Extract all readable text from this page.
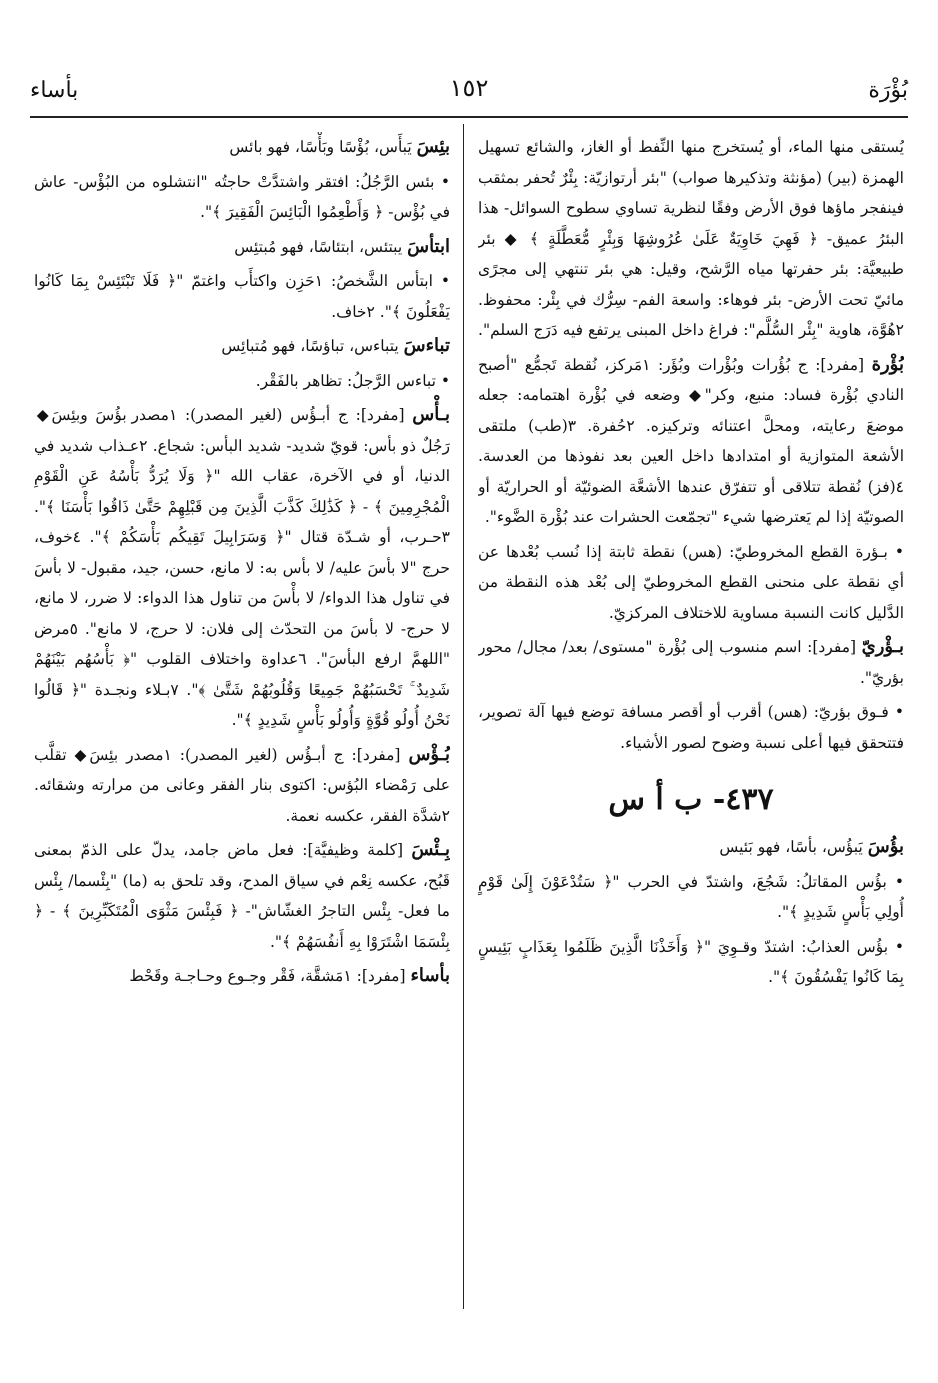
بُؤْرَة
١٥٢
بأساء
يُستقى منها الماء، أو يُستخرج منها النِّفط أو الغاز، والشائع تسهيل الهمزة (بير) (مؤنثة وتذكيرها صواب) "بئر أرتوازيّة: بِئْرٌ تُحفر بمثقب فينفجر ماؤها فوق الأرض وفقًا لنظرية تساوي سطوح السوائل- هذا البئرُ عميق- ﴿ فَهِيَ خَاوِيَةٌ عَلَىٰ عُرُوشِهَا وَبِئْرٍ مُّعَطَّلَةٍ ﴾ ◆ بئر طبيعيَّة: بئر حفرتها مياه الرَّشح، وقيل: هي بئر تنتهي إلى مجرًى مائيّ تحت الأرض- بئر فوهاء: واسعة الفم- سِرُّك في بِئْر: محفوظ. ٢هُوَّة، هاوية "بِئْر السُّلَّم": فراغ داخل المبنى يرتفع فيه دَرَج السلم".
بُؤْرة [مفرد]: ج بُؤُرات وبُؤْرات وبُؤَر: ١مَركز، نُقطة تَجمُّع "أصبح النادي بُؤْرة فساد: منبع، وكر"◆ وضعه في بُؤْرة اهتمامه: جعله موضعَ رعايته، ومحلَّ اعتنائه وتركيزه. ٢حُفرة. ٣(طب) ملتقى الأشعة المتوازية أو امتدادها داخل العين بعد نفوذها من العدسة. ٤(فز) نُقطة تتلاقى أو تتفرّق عندها الأشعَّة الضوئيّة أو الحراريّة أو الصوتيّة إذا لم يَعترضها شيء "تجمّعت الحشرات عند بُؤْرة الضَّوء".
• بـؤرة القطع المخروطيّ: (هس) نقطة ثابتة إذا نُسب بُعْدها عن أي نقطة على منحنى القطع المخروطيّ إلى بُعْد هذه النقطة من الدَّليل كانت النسبة مساوية للاختلاف المركزيّ.
بـؤْريّ [مفرد]: اسم منسوب إلى بُؤْرة "مستوى/ بعد/ مجال/ محور بؤريّ".
• فـوق بؤريّ: (هس) أقرب أو أقصر مسافة توضع فيها آلة تصوير، فتتحقق فيها أعلى نسبة وضوح لصور الأشياء.
٤٣٧- ب أ س
بؤُسَ يَبؤُس، بأسًا، فهو بَئيس
• بؤُس المقاتلُ: شَجُعَ، واشتدّ في الحرب "﴿ سَتُدْعَوْنَ إِلَىٰ قَوْمٍ أُولِي بَأْسٍ شَدِيدٍ ﴾".
• بؤُس العذابُ: اشتدّ وقـوِيَ "﴿ وَأَخَذْنَا الَّذِينَ ظَلَمُوا بِعَذَابٍ بَئِيسٍ بِمَا كَانُوا يَفْسُقُونَ ﴾".
بئِسَ يَبأَس، بُؤْسًا وبَأْسًا، فهو بائس
• بئس الرَّجُلُ: افتقر واشتدَّتْ حاجتُه "انتشلوه من البُؤْس- عاش في بُؤْس- ﴿ وَأَطْعِمُوا الْبَائِسَ الْفَقِيرَ ﴾".
ابتأسَ يبتئس، ابتئاسًا، فهو مُبتئِس
• ابتأس الشَّخصُ: ١حَزِن واكتأَب واغتمّ "﴿ فَلَا تَبْتَئِسْ بِمَا كَانُوا يَفْعَلُونَ ﴾". ٢خاف.
تباءسَ يتباءس، تباؤسًا، فهو مُتبائِس
• تباءس الرَّجلُ: تظاهر بالفَقْر.
بـأْس [مفرد]: ج أبـؤُس (لغير المصدر): ١مصدر بؤُسَ وبئِسَ◆ رَجُلٌ ذو بأس: قويّ شديد- شديد البأس: شجاع. ٢عـذاب شديد في الدنيا، أو في الآخرة، عقاب الله "﴿ وَلَا يُرَدُّ بَأْسُهُ عَنِ الْقَوْمِ الْمُجْرِمِينَ ﴾ - ﴿ كَذَٰلِكَ كَذَّبَ الَّذِينَ مِن قَبْلِهِمْ حَتَّىٰ ذَاقُوا بَأْسَنَا ﴾". ٣حـرب، أو شـدّة قتال "﴿ وَسَرَابِيلَ تَقِيكُم بَأْسَكُمْ ﴾". ٤خوف، حرج "لا بأسَ عليه/ لا بأس به: لا مانع، حسن، جيد، مقبول- لا بأسَ في تناول هذا الدواء/ لا بأْسَ من تناول هذا الدواء: لا ضرر، لا مانع، لا حرج- لا بأسَ من التحدّث إلى فلان: لا حرج، لا مانع". ٥مرض "اللهمَّ ارفع البأسَ". ٦عداوة واختلاف القلوب "﴿ بَأْسُهُم بَيْنَهُمْ شَدِيدٌ ۚ تَحْسَبُهُمْ جَمِيعًا وَقُلُوبُهُمْ شَتَّىٰ ﴾". ٧بـلاء ونجـدة "﴿ قَالُوا نَحْنُ أُولُو قُوَّةٍ وَأُولُو بَأْسٍ شَدِيدٍ ﴾".
بُـؤْس [مفرد]: ج أبـؤُس (لغير المصدر): ١مصدر بئِسَ◆ تقلَّب على رَمْضاء البُؤس: اكتوى بنار الفقر وعانى من مرارته وشقائه. ٢شدَّة الفقر، عكسه نعمة.
بِـئْسَ [كلمة وظيفيَّة]: فعل ماض جامد، يدلّ على الذمّ بمعنى قَبُح، عكسه نِعْم في سياق المدح، وقد تلحق به (ما) "بِئْسما/ بِئْس ما فعل- بِئْس التاجرُ الغشّاش"- ﴿ فَبِئْسَ مَثْوَى الْمُتَكَبِّرِينَ ﴾ - ﴿ بِئْسَمَا اشْتَرَوْا بِهِ أَنفُسَهُمْ ﴾".
بأساء [مفرد]: ١مَشقَّة، فَقْر وجـوع وحـاجـة وقَحْط
